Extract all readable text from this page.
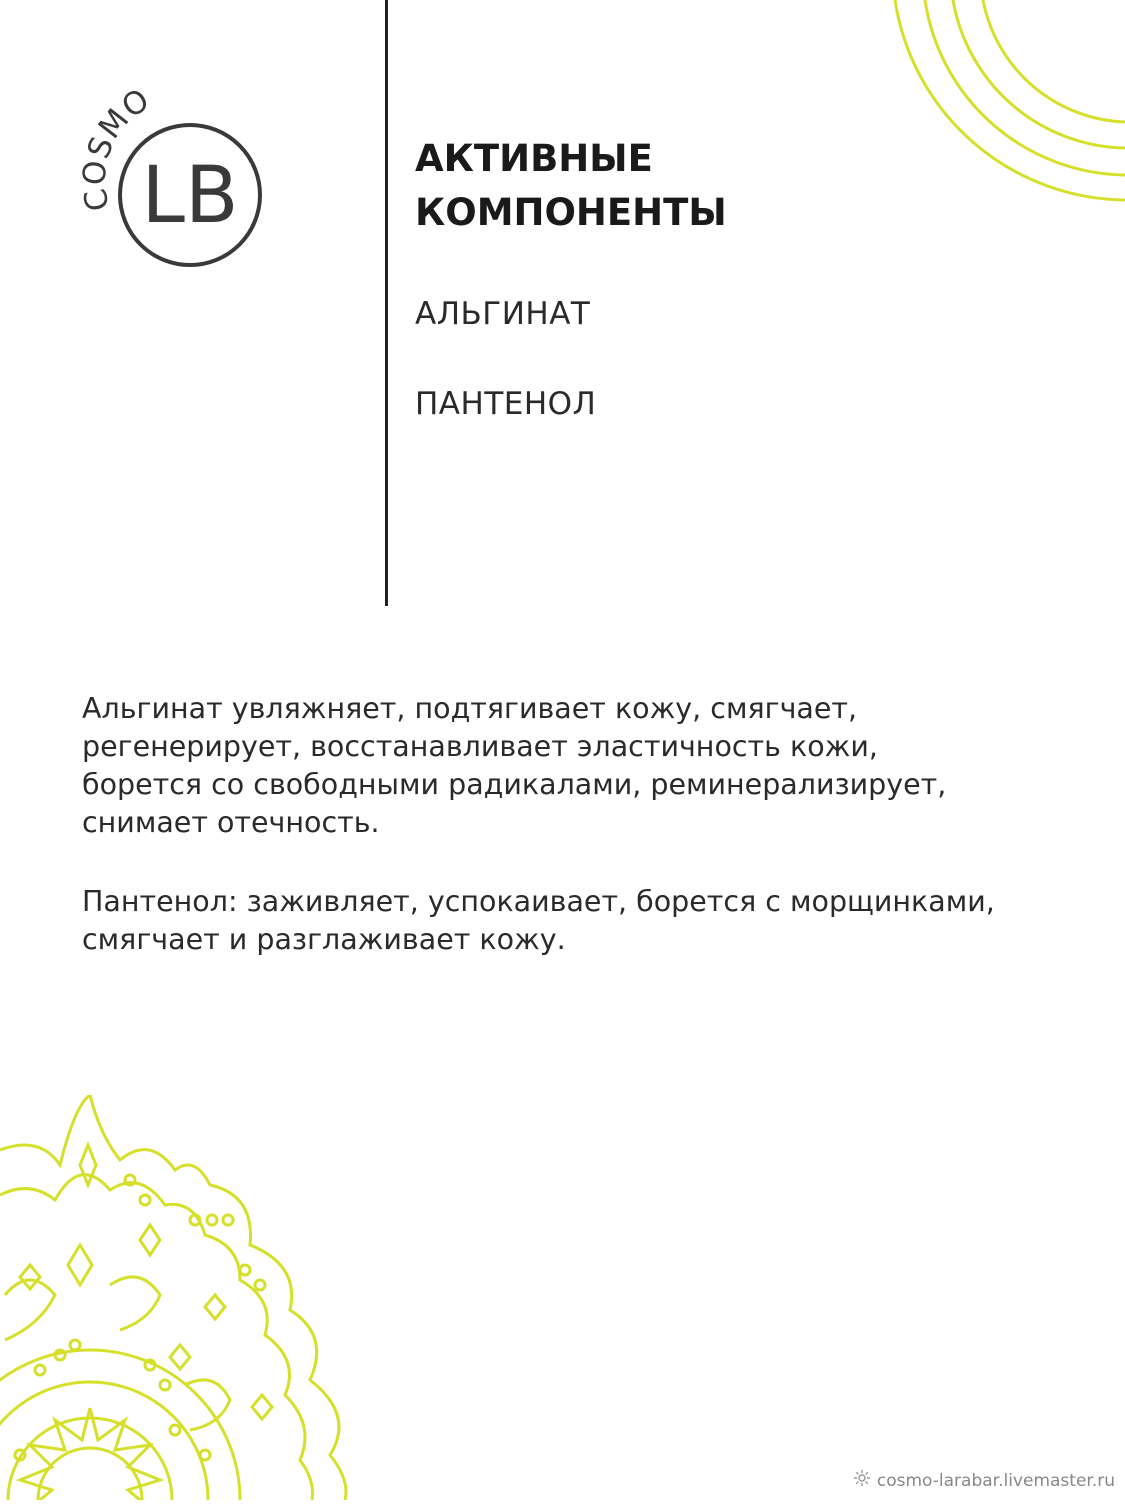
COSMO
LB	АКТИВНЫЕ
КОМПОНЕНТЫ
АЛЬГИНАТ
ПАНТЕНОЛ
Альгинат увляжняет, подтягивает кожу, смягчает,
регенерирует, восстанавливает эластичность кожи,
борется со свободными радикалами, реминерализирует,
снимает отечность.
Пантенол: заживляет, успокаивает, борется с морщинками,
смягчает и разглаживает кожу.
cosmo-larabar.livemaster.ru
